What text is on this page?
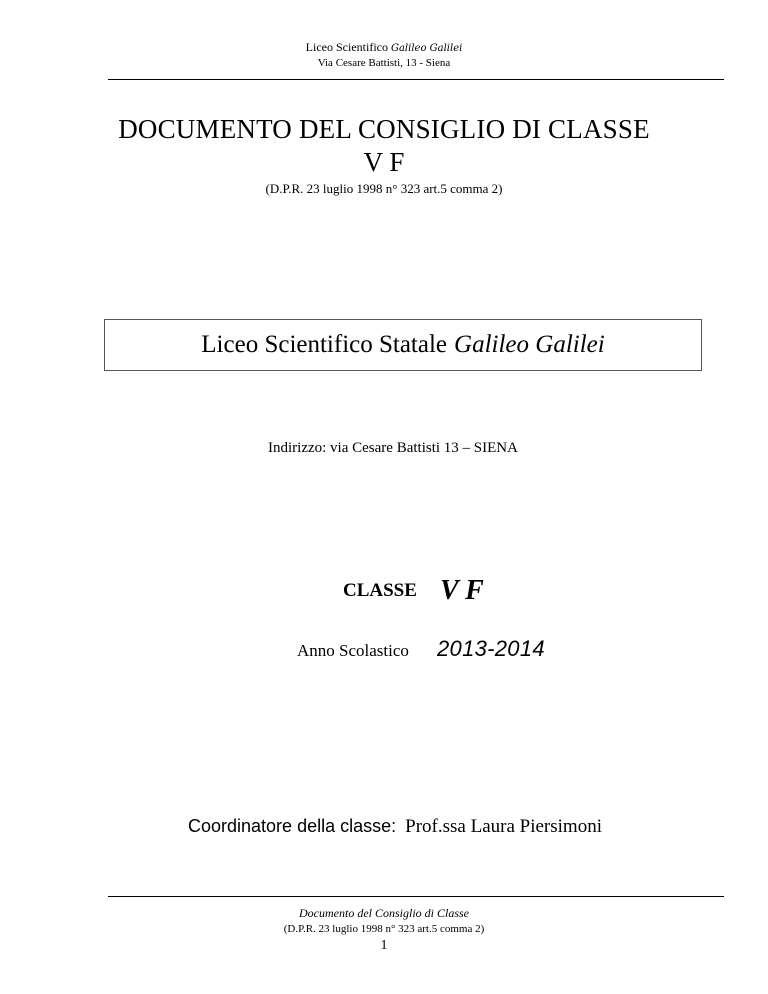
Liceo Scientifico Galileo Galilei
Via Cesare Battisti, 13 - Siena
DOCUMENTO DEL CONSIGLIO DI CLASSE
V F
(D.P.R. 23 luglio 1998 n° 323 art.5 comma 2)
Liceo Scientifico Statale Galileo Galilei
Indirizzo: via Cesare Battisti 13 – SIENA
CLASSE V F
Anno Scolastico 2013-2014
Coordinatore della classe: Prof.ssa Laura Piersimoni
Documento del Consiglio di Classe
(D.P.R. 23 luglio 1998 n° 323 art.5 comma 2)
1
